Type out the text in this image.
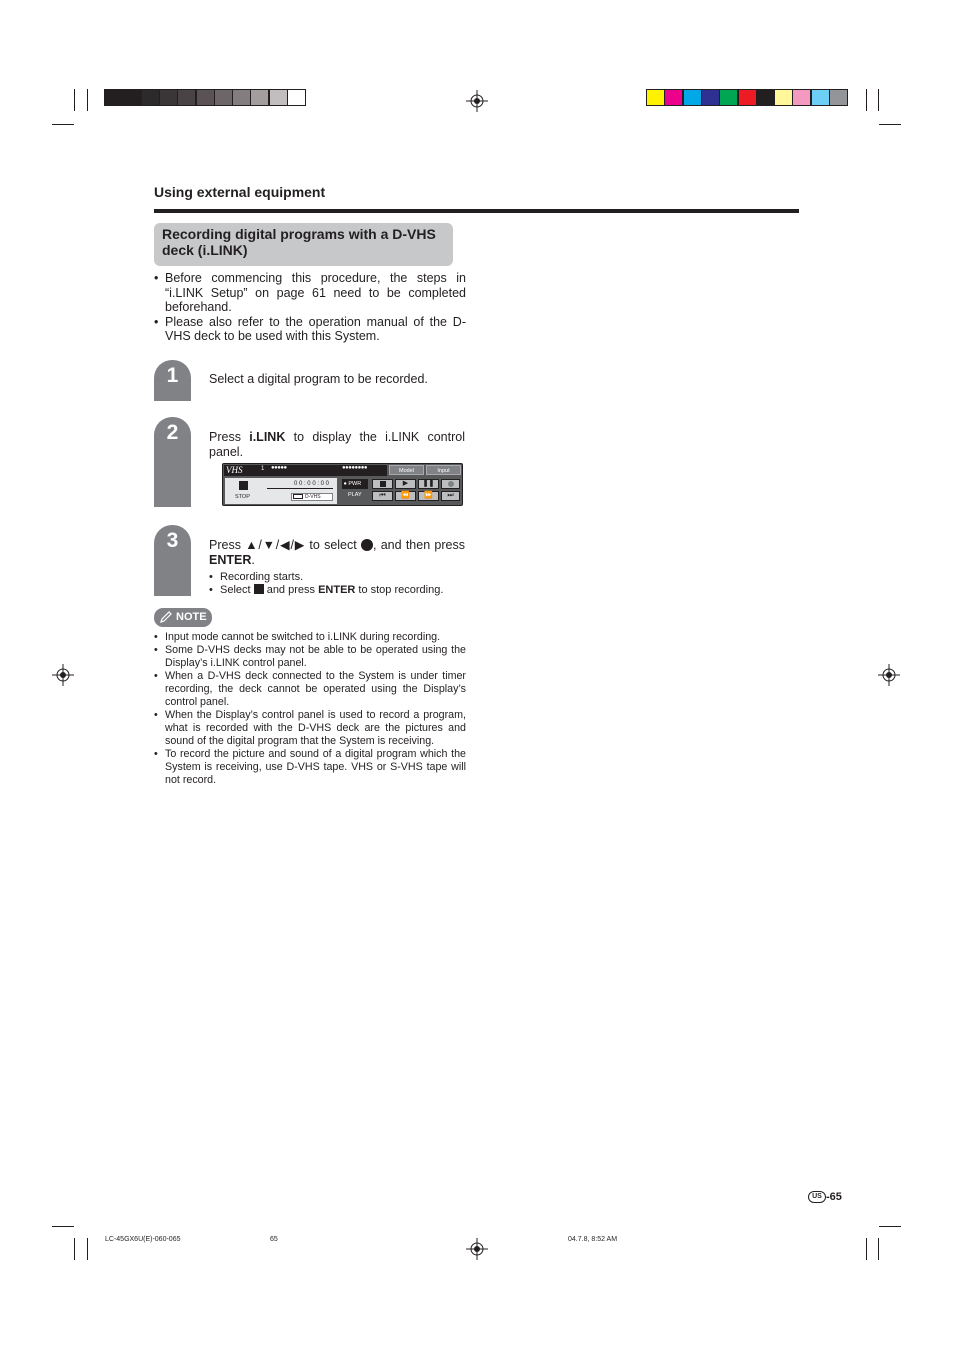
Using external equipment
Recording digital programs with a D-VHS deck (i.LINK)
• Before commencing this procedure, the steps in “i.LINK Setup” on page 61 need to be completed beforehand.
• Please also refer to the operation manual of the D-VHS deck to be used with this System.
1	Select a digital program to be recorded.
2	Press i.LINK to display the i.LINK control panel.
VHS	1 ●●●●●	●●●●●●●●	Model	Input
0 0 : 0 0 : 0 0
STOP	D-VHS
● PWR
PLAY
▶	❚❚
⏮	⏪	⏩	⏭
3	Press ▲/▼/◀/▶ to select , and then press ENTER.
• Recording starts.
• Select  and press ENTER to stop recording.
NOTE
• Input mode cannot be switched to i.LINK during recording.
• Some D-VHS decks may not be able to be operated using the Display’s i.LINK control panel.
• When a D-VHS deck connected to the System is under timer recording, the deck cannot be operated using the Display’s control panel.
• When the Display’s control panel is used to record a program, what is recorded with the D-VHS deck are the pictures and sound of the digital program that the System is receiving.
• To record the picture and sound of a digital program which the System is receiving, use D-VHS tape. VHS or S-VHS tape will not record.
US -65
LC-45GX6U(E)-060-065	65	04.7.8, 8:52 AM
